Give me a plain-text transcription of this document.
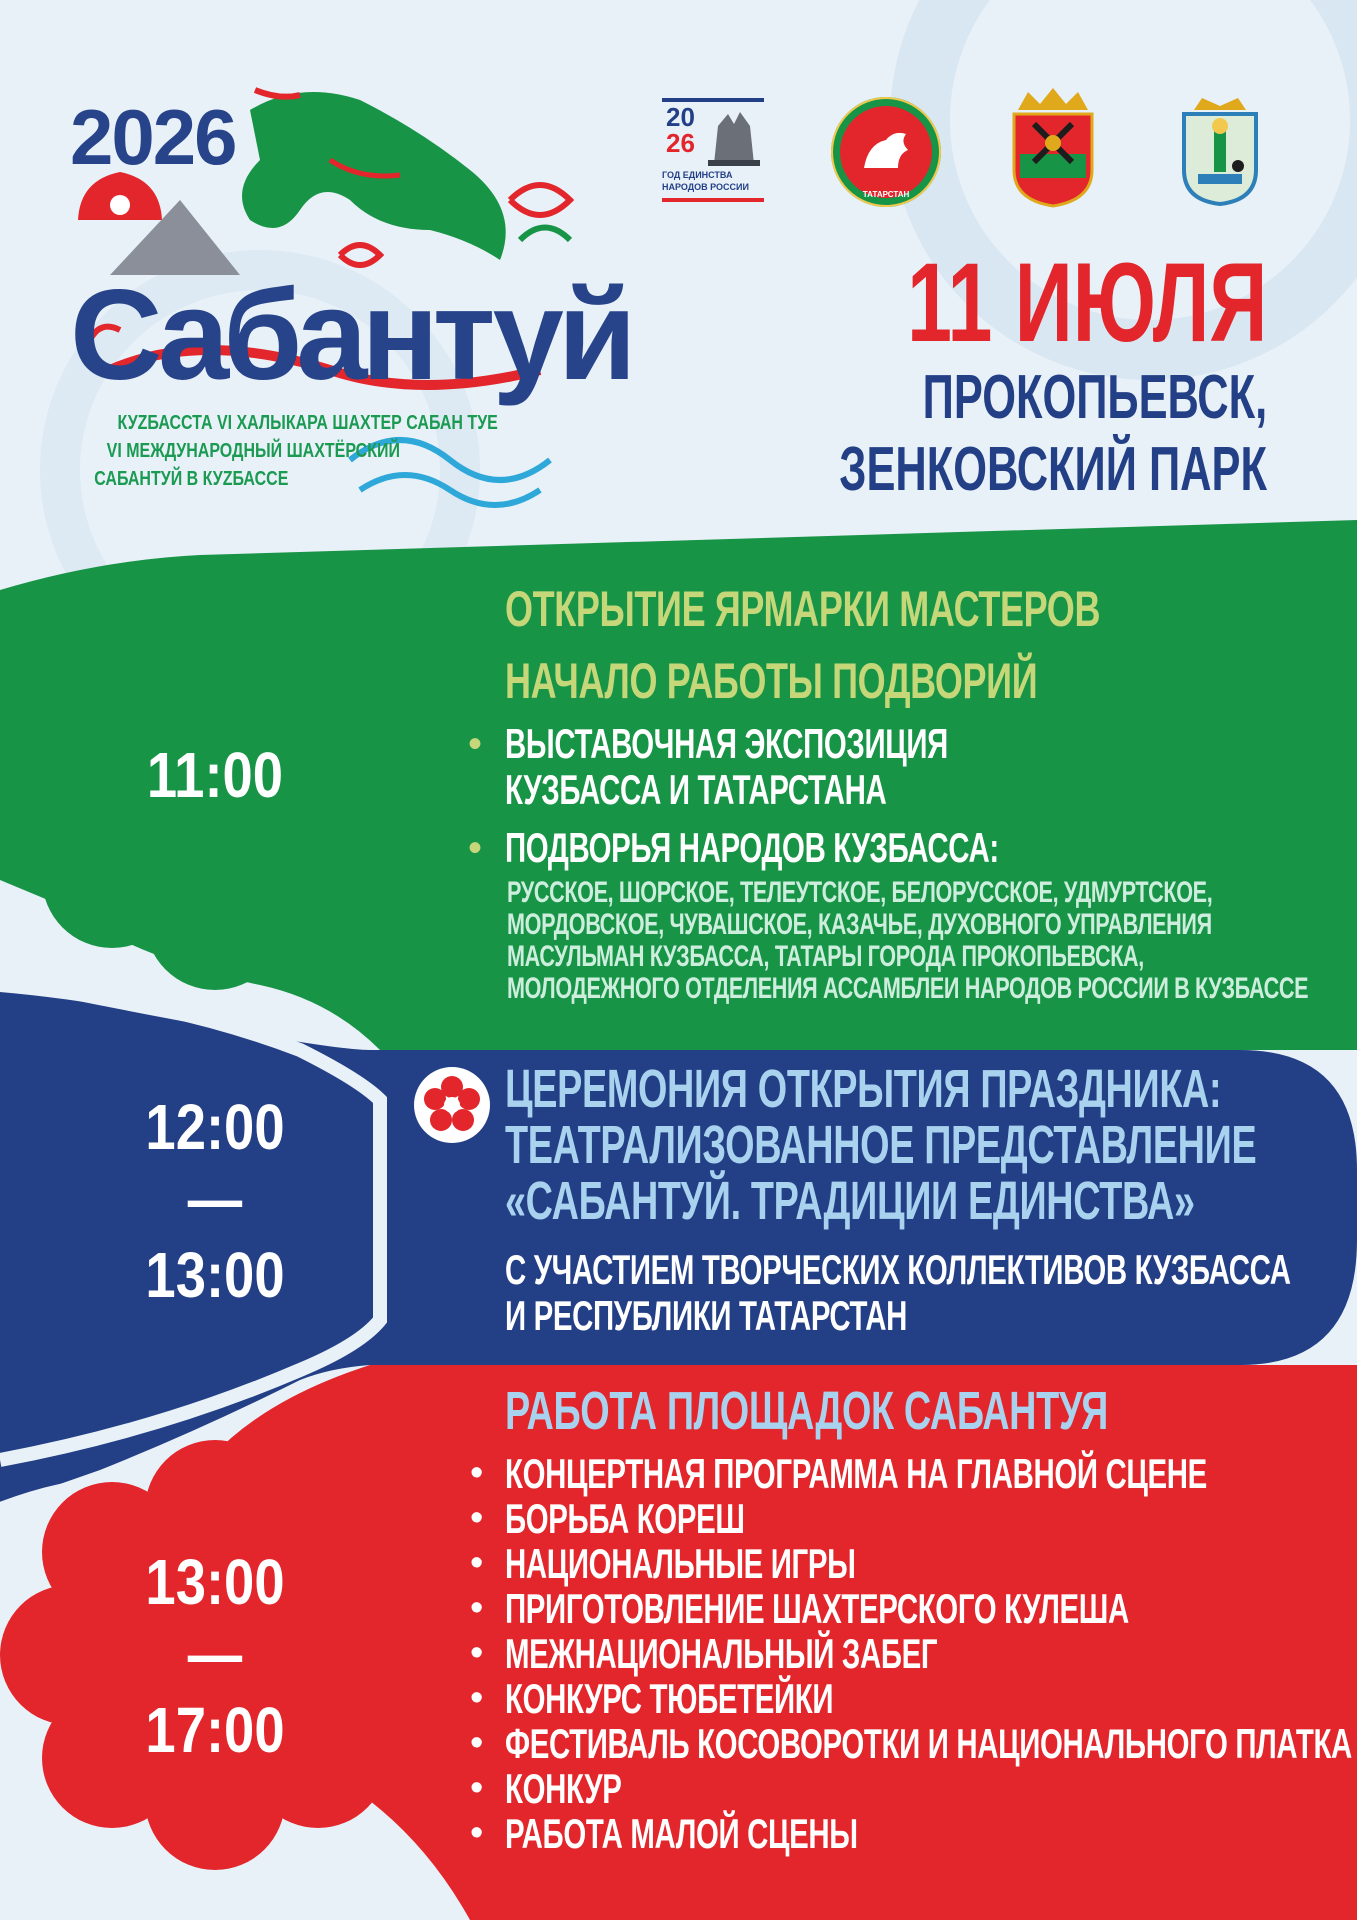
2026
Сабантуй
КУZБАССТА VI ХАЛЫКАРА ШАХТЕР САБАН ТУЕ
VI МЕЖДУНАРОДНЫЙ ШАХТЁРСКИЙ
САБАНТУЙ В КУZБАССЕ
20
26
ГОД ЕДИНСТВА
НАРОДОВ РОССИИ
ТАТАРСТАН
11 ИЮЛЯ
ПРОКОПЬЕВСК,
ЗЕНКОВСКИЙ ПАРК
11:00
ОТКРЫТИЕ ЯРМАРКИ МАСТЕРОВ
НАЧАЛО РАБОТЫ ПОДВОРИЙ
• ВЫСТАВОЧНАЯ ЭКСПОЗИЦИЯ
КУЗБАССА И ТАТАРСТАНА
• ПОДВОРЬЯ НАРОДОВ КУЗБАССА:
РУССКОЕ, ШОРСКОЕ, ТЕЛЕУТСКОЕ, БЕЛОРУССКОЕ, УДМУРТСКОЕ,
МОРДОВСКОЕ, ЧУВАШСКОЕ, КАЗАЧЬЕ, ДУХОВНОГО УПРАВЛЕНИЯ
МАСУЛЬМАН КУЗБАССА, ТАТАРЫ ГОРОДА ПРОКОПЬЕВСКА,
МОЛОДЕЖНОГО ОТДЕЛЕНИЯ АССАМБЛЕИ НАРОДОВ РОССИИ В КУЗБАССЕ
12:00
—
13:00
ЦЕРЕМОНИЯ ОТКРЫТИЯ ПРАЗДНИКА:
ТЕАТРАЛИЗОВАННОЕ ПРЕДСТАВЛЕНИЕ
«САБАНТУЙ. ТРАДИЦИИ ЕДИНСТВА»
С УЧАСТИЕМ ТВОРЧЕСКИХ КОЛЛЕКТИВОВ КУЗБАССА
И РЕСПУБЛИКИ ТАТАРСТАН
13:00
—
17:00
РАБОТА ПЛОЩАДОК САБАНТУЯ
• КОНЦЕРТНАЯ ПРОГРАММА НА ГЛАВНОЙ СЦЕНЕ
• БОРЬБА КОРЕШ
• НАЦИОНАЛЬНЫЕ ИГРЫ
• ПРИГОТОВЛЕНИЕ ШАХТЕРСКОГО КУЛЕША
• МЕЖНАЦИОНАЛЬНЫЙ ЗАБЕГ
• КОНКУРС ТЮБЕТЕЙКИ
• ФЕСТИВАЛЬ КОСОВОРОТКИ И НАЦИОНАЛЬНОГО ПЛАТКА
• КОНКУР
• РАБОТА МАЛОЙ СЦЕНЫ
